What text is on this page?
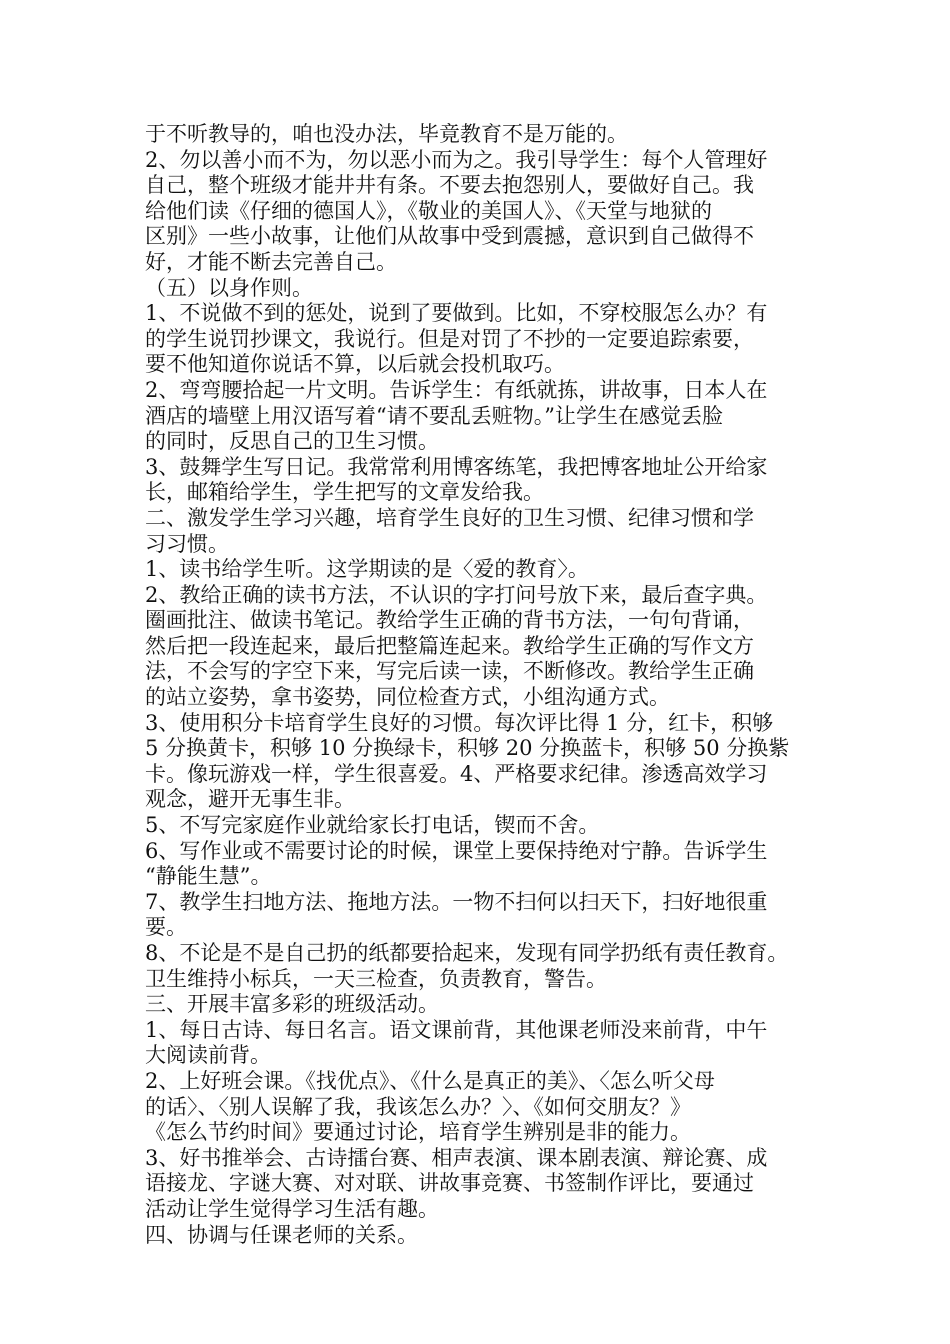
于不听教导的，咱也没办法，毕竟教育不是万能的。
2、勿以善小而不为，勿以恶小而为之。我引导学生：每个人管理好
自己，整个班级才能井井有条。不要去抱怨别人，要做好自己。我
给他们读《仔细的德国人》，《敬业的美国人》、《天堂与地狱的
区别》一些小故事，让他们从故事中受到震撼，意识到自己做得不
好，才能不断去完善自己。
（五）以身作则。
1、不说做不到的惩处，说到了要做到。比如，不穿校服怎么办？有
的学生说罚抄课文，我说行。但是对罚了不抄的一定要追踪索要，
要不他知道你说话不算，以后就会投机取巧。
2、弯弯腰拾起一片文明。告诉学生：有纸就拣，讲故事，日本人在
酒店的墙壁上用汉语写着“请不要乱丢赃物。”让学生在感觉丢脸
的同时，反思自己的卫生习惯。
3、鼓舞学生写日记。我常常利用博客练笔，我把博客地址公开给家
长，邮箱给学生，学生把写的文章发给我。
二、激发学生学习兴趣，培育学生良好的卫生习惯、纪律习惯和学
习习惯。
1、读书给学生听。这学期读的是〈爱的教育〉。
2、教给正确的读书方法，不认识的字打问号放下来，最后查字典。
圈画批注、做读书笔记。教给学生正确的背书方法，一句句背诵，
然后把一段连起来，最后把整篇连起来。教给学生正确的写作文方
法，不会写的字空下来，写完后读一读，不断修改。教给学生正确
的站立姿势，拿书姿势，同位检查方式，小组沟通方式。
3、使用积分卡培育学生良好的习惯。每次评比得 1 分，红卡，积够
5 分换黄卡，积够 10 分换绿卡，积够 20 分换蓝卡，积够 50 分换紫
卡。像玩游戏一样，学生很喜爱。4、严格要求纪律。渗透高效学习
观念，避开无事生非。
5、不写完家庭作业就给家长打电话，锲而不舍。
6、写作业或不需要讨论的时候，课堂上要保持绝对宁静。告诉学生
“静能生慧”。
7、教学生扫地方法、拖地方法。一物不扫何以扫天下，扫好地很重
要。
8、不论是不是自己扔的纸都要拾起来，发现有同学扔纸有责任教育。
卫生维持小标兵，一天三检查，负责教育，警告。
三、开展丰富多彩的班级活动。
1、每日古诗、每日名言。语文课前背，其他课老师没来前背，中午
大阅读前背。
2、上好班会课。《找优点》、《什么是真正的美》、〈怎么听父母
的话〉、〈别人误解了我，我该怎么办？〉、《如何交朋友？》
《怎么节约时间》要通过讨论，培育学生辨别是非的能力。
3、好书推举会、古诗擂台赛、相声表演、课本剧表演、辩论赛、成
语接龙、字谜大赛、对对联、讲故事竞赛、书签制作评比，要通过
活动让学生觉得学习生活有趣。
四、协调与任课老师的关系。
